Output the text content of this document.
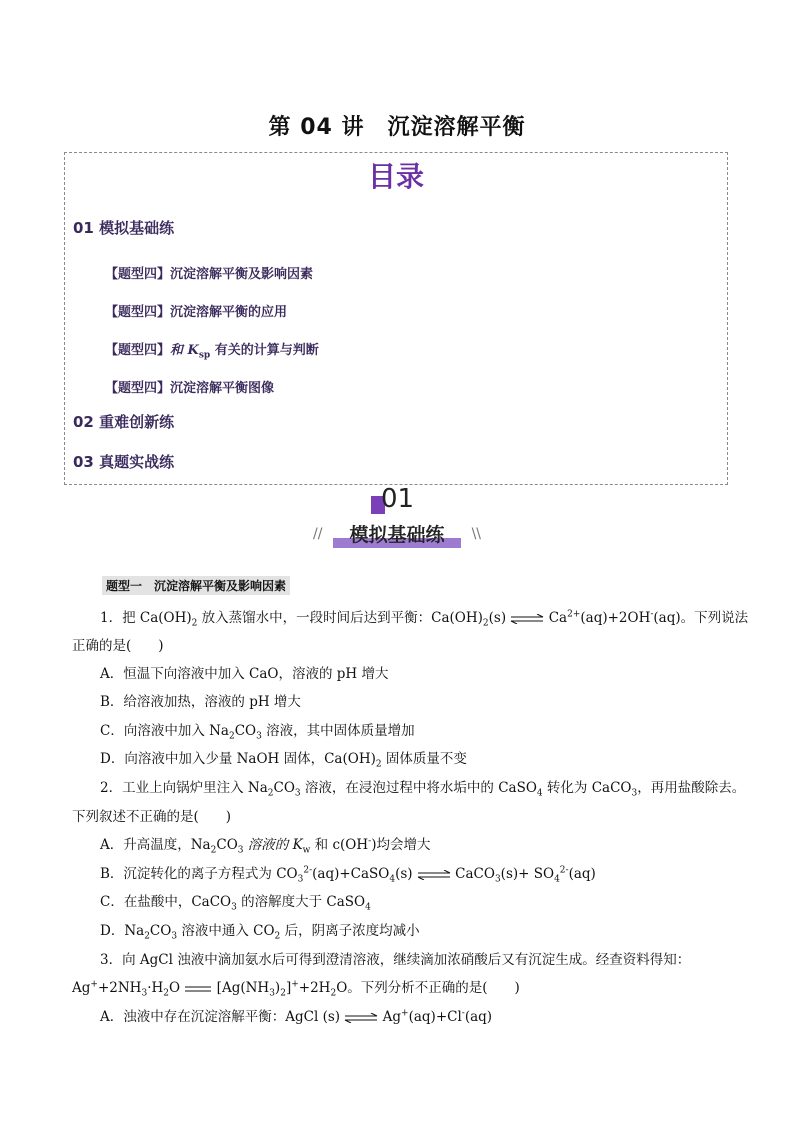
第 04 讲　沉淀溶解平衡
目录
01 模拟基础练
【题型四】沉淀溶解平衡及影响因素
【题型四】沉淀溶解平衡的应用
【题型四】和 $K_{sp}$ 有关的计算与判断
【题型四】沉淀溶解平衡图像
02 重难创新练
03 真题实战练
01
//	模拟基础练	\\
题型一　沉淀溶解平衡及影响因素
1．把 $Ca(OH)_2$ 放入蒸馏水中，一段时间后达到平衡：$Ca(OH)_2(s)$ ⇌ $Ca^{2+}(aq)+2OH^-(aq)$。下列说法
正确的是(　　)
A．恒温下向溶液中加入 CaO，溶液的 pH 增大
B．给溶液加热，溶液的 pH 增大
C．向溶液中加入 $Na_2CO_3$ 溶液，其中固体质量增加
D．向溶液中加入少量 NaOH 固体，$Ca(OH)_2$ 固体质量不变
2．工业上向锅炉里注入 $Na_2CO_3$ 溶液，在浸泡过程中将水垢中的 CaSO$_4$ 转化为 CaCO$_3$，再用盐酸除去。
下列叙述不正确的是(　　)
A．升高温度，$Na_2CO_3$ 溶液的 $K_w$ 和 c(OH-)均会增大
B．沉淀转化的离子方程式为 $CO_3^{2-}(aq)+CaSO_4(s)$ ⇌ CaCO$_3$(s)+ $SO_4^{2-}(aq)$
C．在盐酸中，CaCO$_3$ 的溶解度大于 CaSO$_4$
D．$Na_2CO_3$ 溶液中通入 $CO_2$ 后，阴离子浓度均减小
3．向 AgCl 浊液中滴加氨水后可得到澄清溶液，继续滴加浓硝酸后又有沉淀生成。经查资料得知：
$Ag^++2NH_3\cdot H_2O$	$[Ag(NH_3)_2]^++2H_2O$。下列分析不正确的是(　　)
A．浊液中存在沉淀溶解平衡：AgCl (s) ⇌ Ag+(aq)+Cl-(aq)
